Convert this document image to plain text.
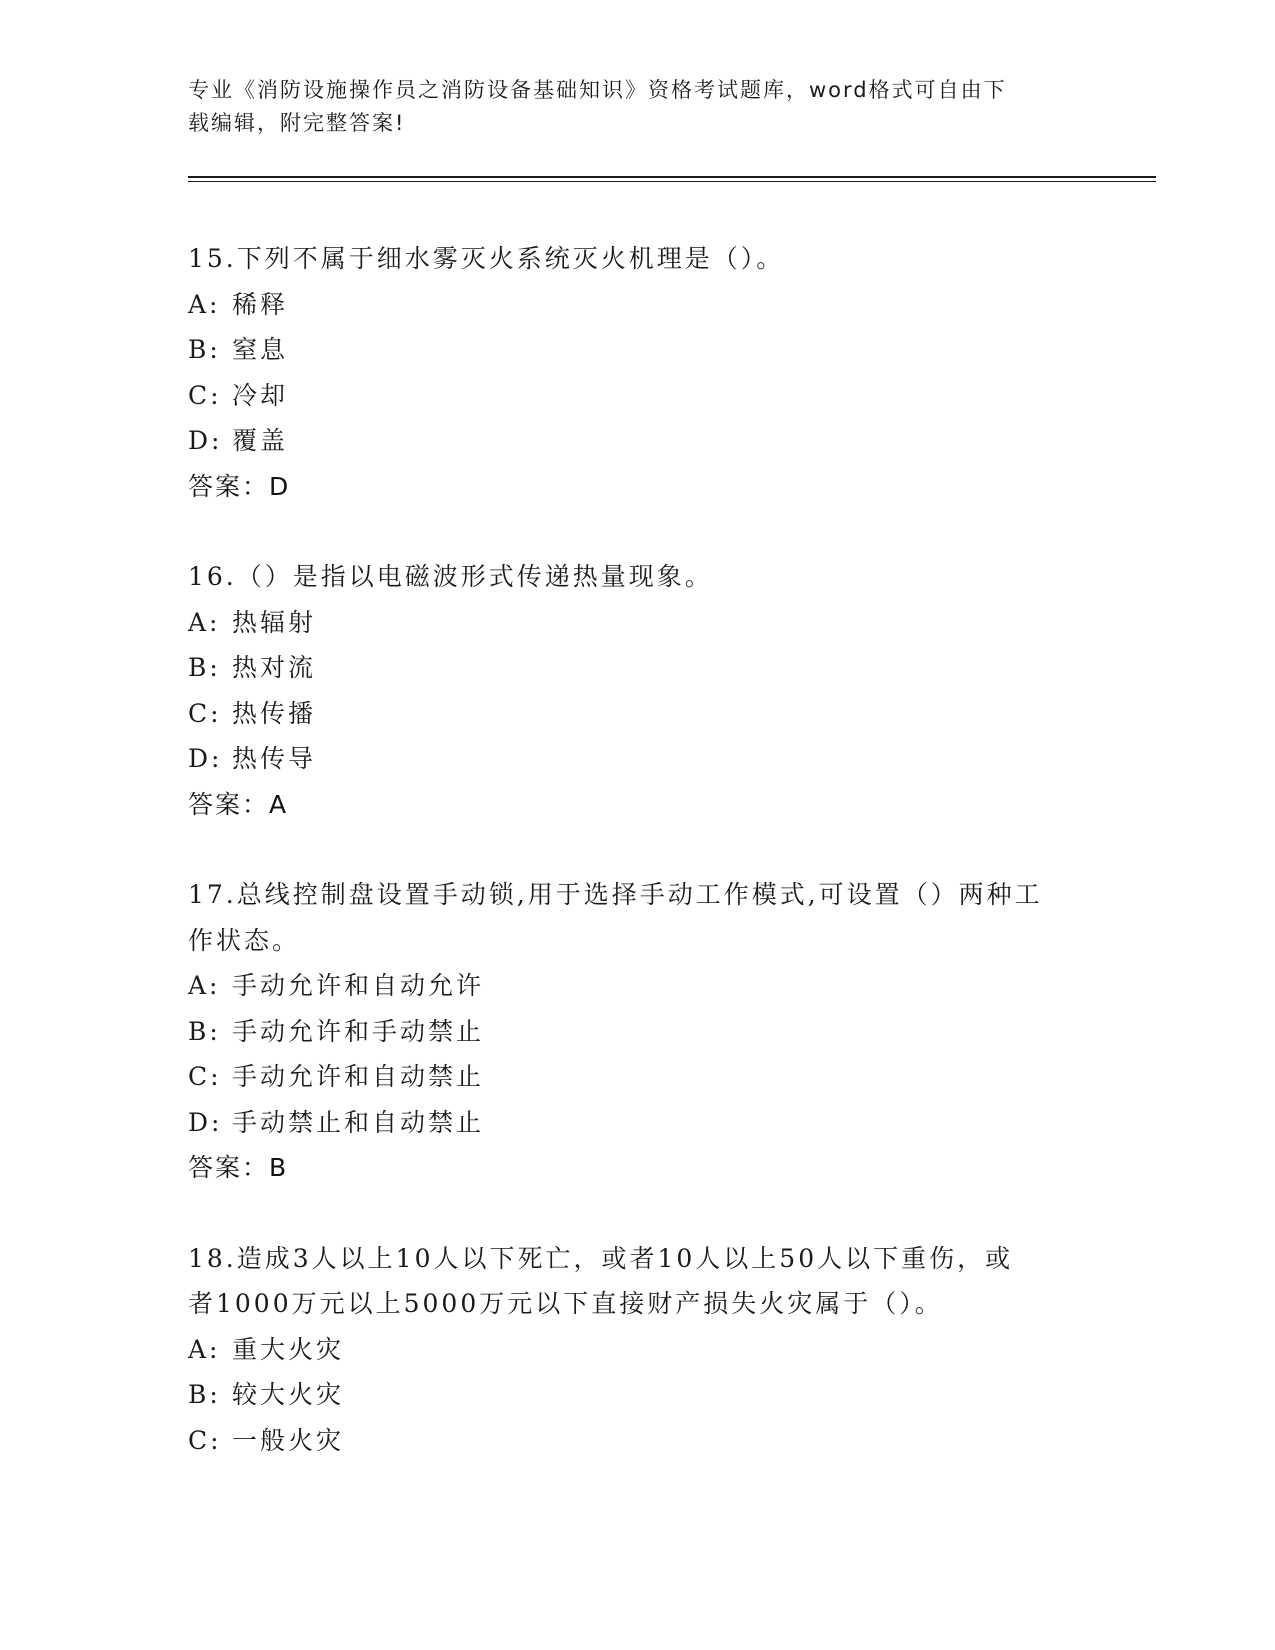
专业《消防设施操作员之消防设备基础知识》资格考试题库，word格式可自由下
载编辑，附完整答案!
15.下列不属于细水雾灭火系统灭火机理是（）。
A: 稀释
B: 窒息
C: 冷却
D: 覆盖
答案：D
16.（）是指以电磁波形式传递热量现象。
A: 热辐射
B: 热对流
C: 热传播
D: 热传导
答案：A
17.总线控制盘设置手动锁,用于选择手动工作模式,可设置（）两种工
作状态。
A: 手动允许和自动允许
B: 手动允许和手动禁止
C: 手动允许和自动禁止
D: 手动禁止和自动禁止
答案：B
18.造成3人以上10人以下死亡，或者10人以上50人以下重伤，或
者1000万元以上5000万元以下直接财产损失火灾属于（）。
A: 重大火灾
B: 较大火灾
C: 一般火灾
